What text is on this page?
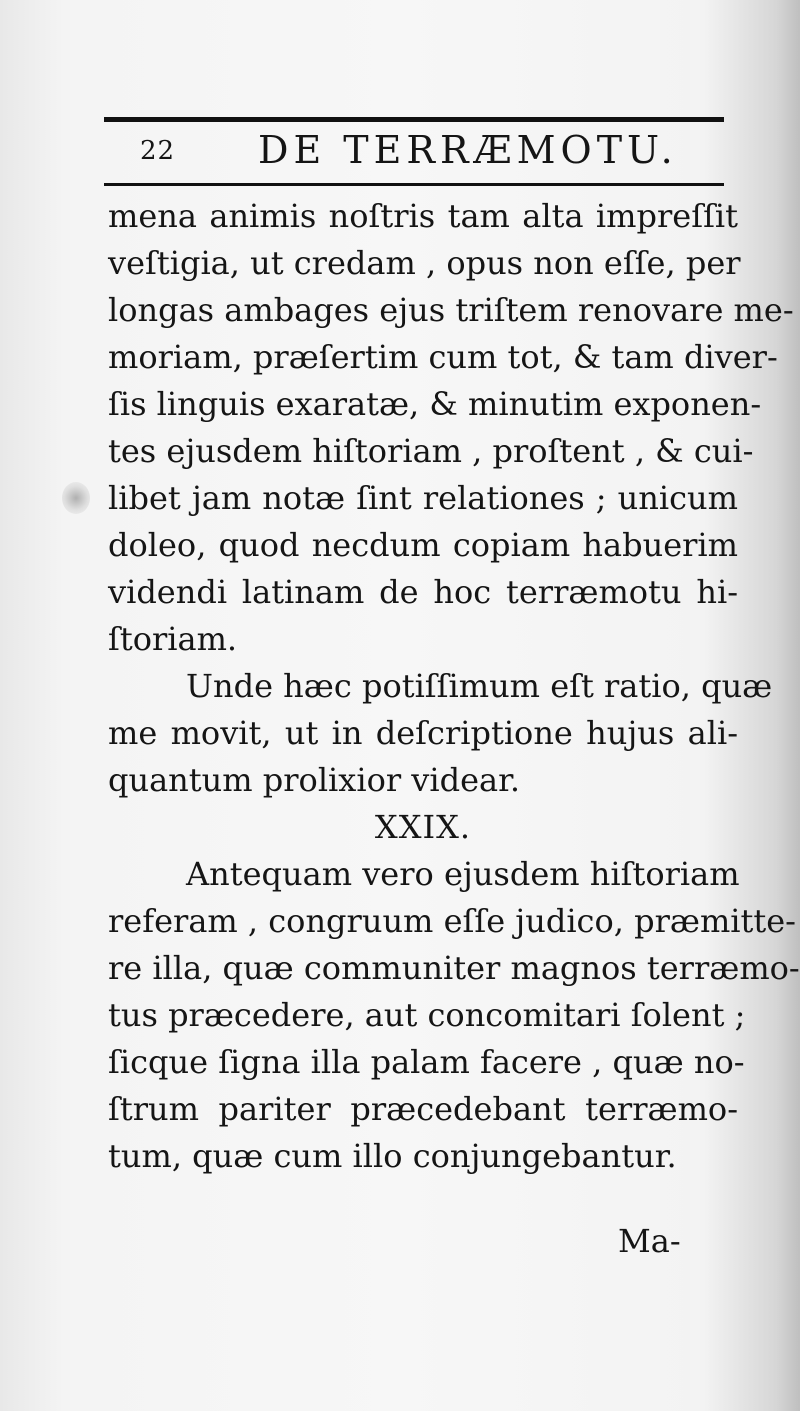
22 DE TERRÆMOTU.
mena animis noſtris tam alta impreſſit
veſtigia, ut credam , opus non eſſe, per
longas ambages ejus triſtem renovare me-
moriam, præſertim cum tot, & tam diver-
ſis linguis exaratæ, & minutim exponen-
tes ejusdem hiſtoriam , proſtent , & cui-
libet jam notæ ſint relationes ; unicum
doleo, quod necdum copiam habuerim
videndi latinam de hoc terræmotu hi-
ſtoriam.
Unde hæc potiſſimum eſt ratio, quæ
me movit, ut in deſcriptione hujus ali-
quantum prolixior videar.
XXIX.
Antequam vero ejusdem hiſtoriam
referam , congruum eſſe judico, præmitte-
re illa, quæ communiter magnos terræmo-
tus præcedere, aut concomitari ſolent ;
ſicque ſigna illa palam facere , quæ no-
ſtrum pariter præcedebant terræmo-
tum, quæ cum illo conjungebantur.
Ma-
